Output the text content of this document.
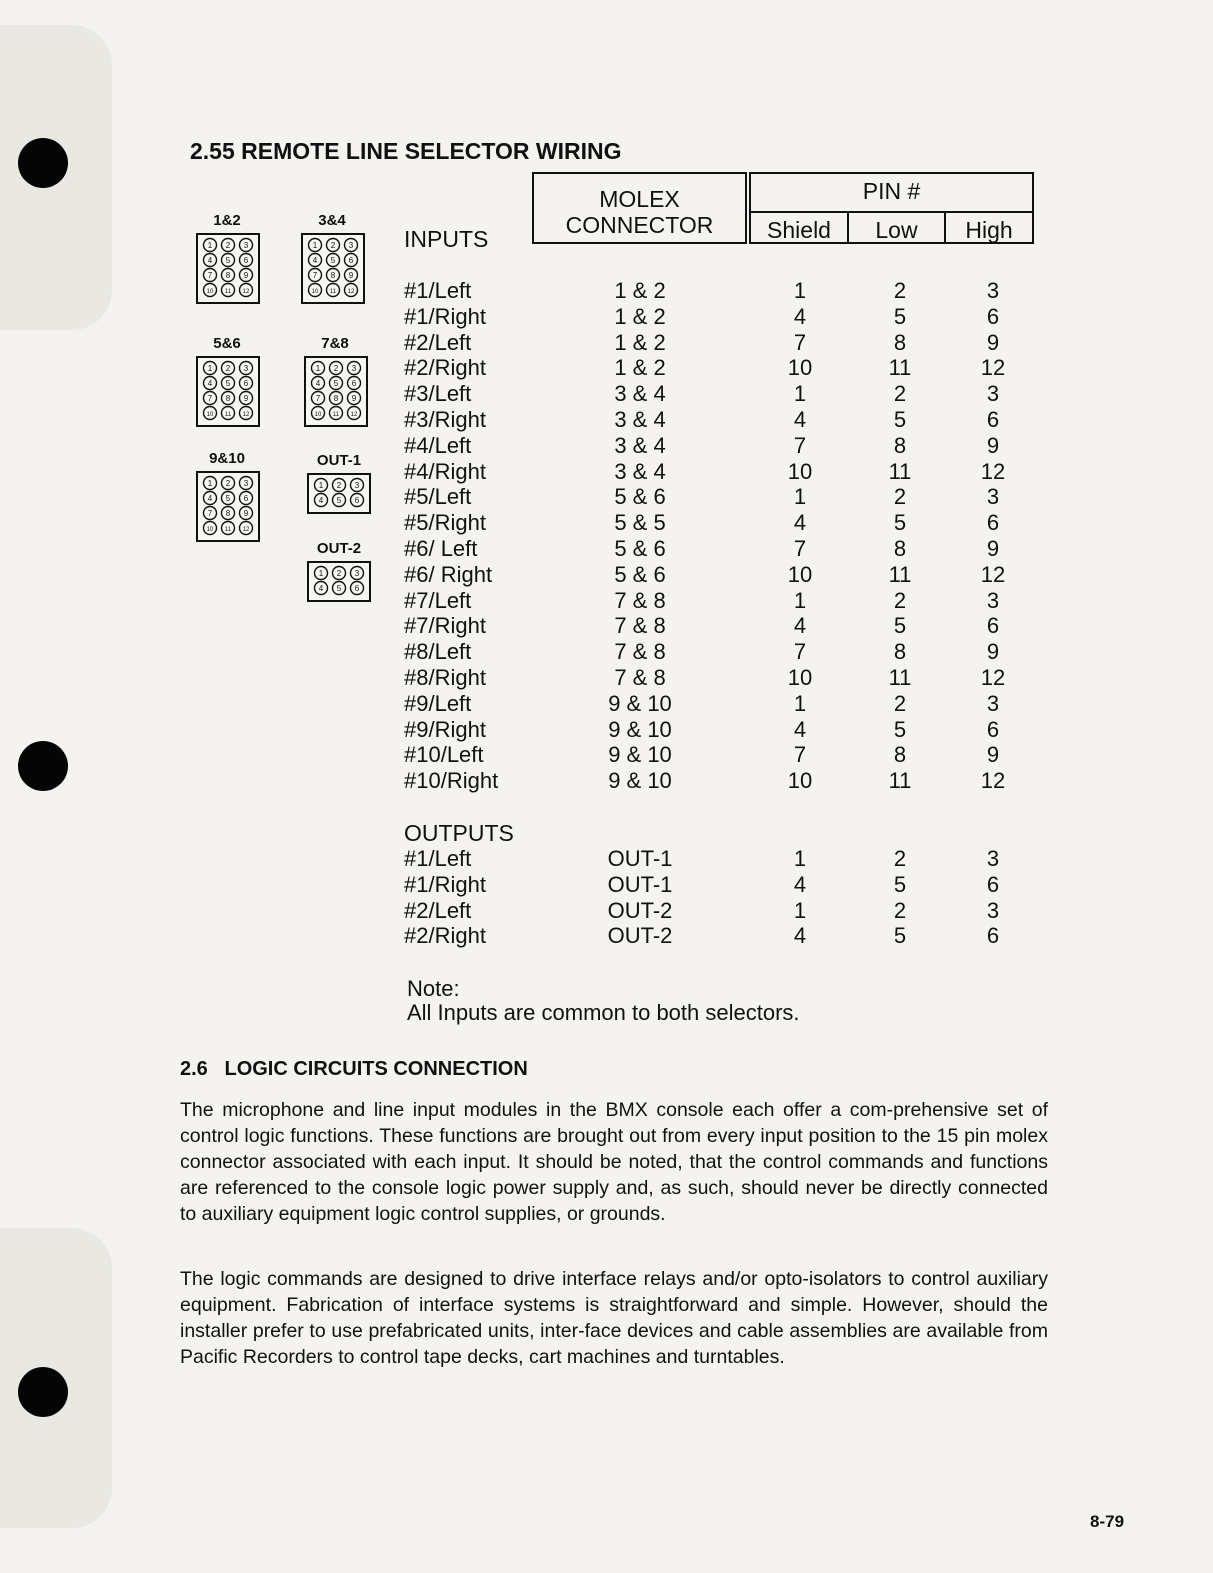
2.55 REMOTE LINE SELECTOR WIRING
1&2
1 2 3
4 5 6
7 8 9
10 11 12
3&4
1 2 3
4 5 6
7 8 9
10 11 12
5&6
1 2 3
4 5 6
7 8 9
10 11 12
7&8
1 2 3
4 5 6
7 8 9
10 11 12
9&10
1 2 3
4 5 6
7 8 9
10 11 12
OUT-1
1 2 3
4 5 6
OUT-2
1 2 3
4 5 6
MOLEX
CONNECTOR
PIN #
Shield	Low	High
INPUTS
#1/Left	1 & 2	1	2	3
#1/Right	1 & 2	4	5	6
#2/Left	1 & 2	7	8	9
#2/Right	1 & 2	10	11	12
#3/Left	3 & 4	1	2	3
#3/Right	3 & 4	4	5	6
#4/Left	3 & 4	7	8	9
#4/Right	3 & 4	10	11	12
#5/Left	5 & 6	1	2	3
#5/Right	5 & 5	4	5	6
#6/ Left	5 & 6	7	8	9
#6/ Right	5 & 6	10	11	12
#7/Left	7 & 8	1	2	3
#7/Right	7 & 8	4	5	6
#8/Left	7 & 8	7	8	9
#8/Right	7 & 8	10	11	12
#9/Left	9 & 10	1	2	3
#9/Right	9 & 10	4	5	6
#10/Left	9 & 10	7	8	9
#10/Right	9 & 10	10	11	12
OUTPUTS
#1/Left	OUT-1	1	2	3
#1/Right	OUT-1	4	5	6
#2/Left	OUT-2	1	2	3
#2/Right	OUT-2	4	5	6
Note:
All Inputs are common to both selectors.
2.6   LOGIC CIRCUITS CONNECTION
The microphone and line input modules in the BMX console each offer a com-prehensive set of control logic functions. These functions are brought out from every input position to the 15 pin molex connector associated with each input. It should be noted, that the control commands and functions are referenced to the console logic power supply and, as such, should never be directly connected to auxiliary equipment logic control supplies, or grounds.
The logic commands are designed to drive interface relays and/or opto-isolators to control auxiliary equipment. Fabrication of interface systems is straightforward and simple. However, should the installer prefer to use prefabricated units, inter-face devices and cable assemblies are available from Pacific Recorders to control tape decks, cart machines and turntables.
8-79
